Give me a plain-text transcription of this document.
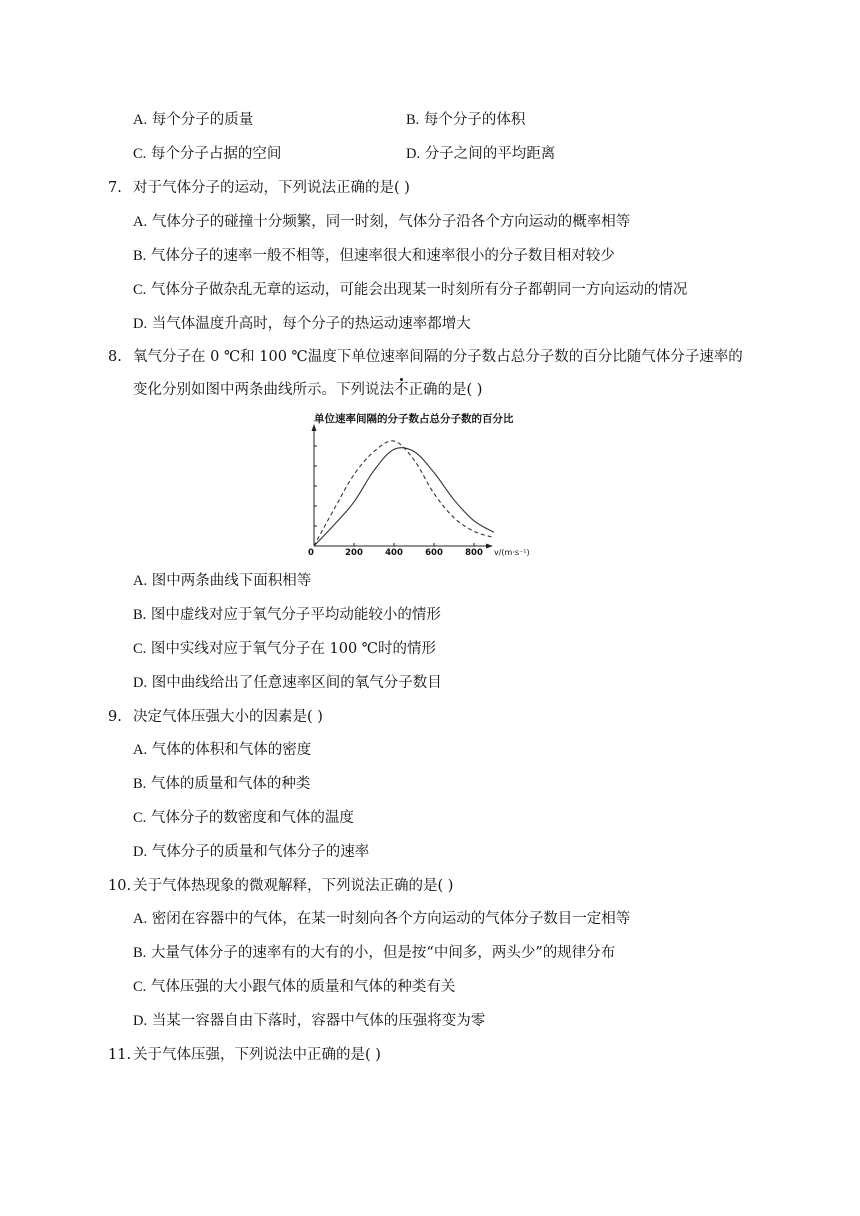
A. 每个分子的质量	B. 每个分子的体积
C. 每个分子占据的空间	D. 分子之间的平均距离
7. 对于气体分子的运动，下列说法正确的是( )
A. 气体分子的碰撞十分频繁，同一时刻，气体分子沿各个方向运动的概率相等
B. 气体分子的速率一般不相等，但速率很大和速率很小的分子数目相对较少
C. 气体分子做杂乱无章的运动，可能会出现某一时刻所有分子都朝同一方向运动的情况
D. 当气体温度升高时，每个分子的热运动速率都增大
8. 氧气分子在 0 ℃和 100 ℃温度下单位速率间隔的分子数占总分子数的百分比随气体分子速率的
变化分别如图中两条曲线所示。下列说法不正确的是( )
单位速率间隔的分子数占总分子数的百分比
0	200	400	600	800 v/(m·s⁻¹)
A. 图中两条曲线下面积相等
B. 图中虚线对应于氧气分子平均动能较小的情形
C. 图中实线对应于氧气分子在 100 ℃时的情形
D. 图中曲线给出了任意速率区间的氧气分子数目
9. 决定气体压强大小的因素是( )
A. 气体的体积和气体的密度
B. 气体的质量和气体的种类
C. 气体分子的数密度和气体的温度
D. 气体分子的质量和气体分子的速率
10. 关于气体热现象的微观解释，下列说法正确的是( )
A. 密闭在容器中的气体，在某一时刻向各个方向运动的气体分子数目一定相等
B. 大量气体分子的速率有的大有的小，但是按“中间多，两头少”的规律分布
C. 气体压强的大小跟气体的质量和气体的种类有关
D. 当某一容器自由下落时，容器中气体的压强将变为零
11. 关于气体压强，下列说法中正确的是( )
